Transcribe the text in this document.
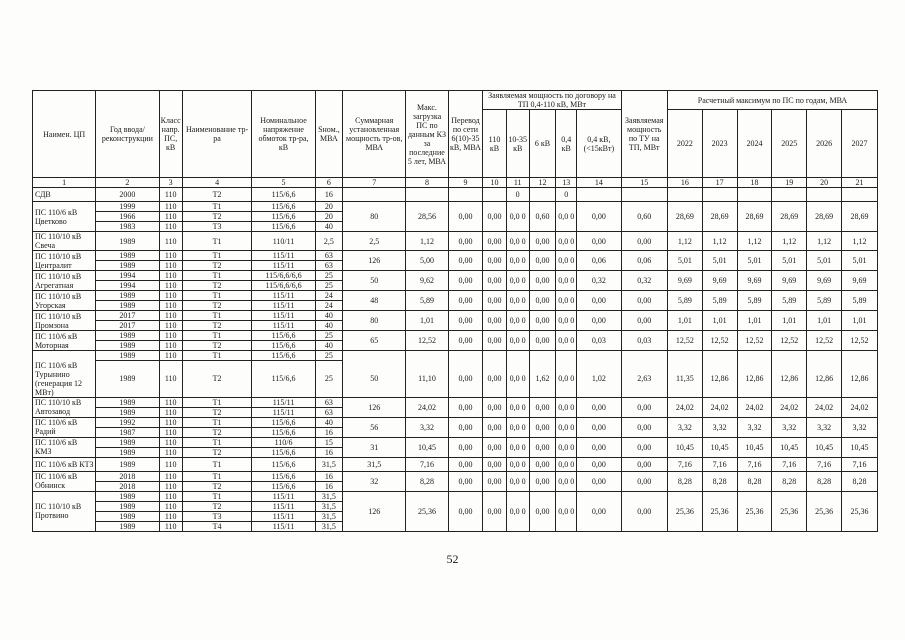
Наимен. ЦП	Год ввода/ реконструкции	Класс напр. ПС, кВ	Наименование тр-ра	Номинальное напряжение обмоток тр-ра, кВ	Sном., МВА	Суммарная установленная мощность тр-ов, МВА	Макс. загрузка ПС по данным КЗ за последние 5 лет, МВА	Перевод по сети 6(10)-35 кВ, МВА	Заявляемая мощность по договору на ТП 0,4-110 кВ, МВт					Заявляемая мощность по ТУ на ТП, МВт	Расчетный максимум по ПС по годам, МВА					
									110 кВ	10-35 кВ	6 кВ	0,4 кВ	0,4 кВ, (<15кВт)		2022	2023	2024	2025	2026	2027
1	2	3	4	5	6	7	8	9	10	11	12	13	14	15	16	17	18	19	20	21
СДВ	2000	110	Т2	115/6,6	16					0		0								
ПС 110/6 кВ Цветково	1999	110	Т1	115/6,6	20	80	28,56	0,00	0,00	0,0 0	0,60	0,0 0	0,00	0,60	28,69	28,69	28,69	28,69	28,69	28,69
	1966	110	Т2	115/6,6	20															
	1983	110	Т3	115/6,6	40															
ПС 110/10 кВ Свеча	1989	110	Т1	110/11	2,5	2,5	1,12	0,00	0,00	0,0 0	0,00	0,0 0	0,00	0,00	1,12	1,12	1,12	1,12	1,12	1,12
ПС 110/10 кВ Централит	1989	110	Т1	115/11	63	126	5,00	0,00	0,00	0,0 0	0,00	0,0 0	0,06	0,06	5,01	5,01	5,01	5,01	5,01	5,01
	1989	110	Т2	115/11	63															
ПС 110/10 кВ Агрегатная	1994	110	Т1	115/6,6/6,6	25	50	9,62	0,00	0,00	0,0 0	0,00	0,0 0	0,32	0,32	9,69	9,69	9,69	9,69	9,69	9,69
	1994	110	Т2	115/6,6/6,6	25															
ПС 110/10 кВ Угорская	1989	110	Т1	115/11	24	48	5,89	0,00	0,00	0,0 0	0,00	0,0 0	0,00	0,00	5,89	5,89	5,89	5,89	5,89	5,89
	1989	110	Т2	115/11	24															
ПС 110/10 кВ Промзона	2017	110	Т1	115/11	40	80	1,01	0,00	0,00	0,0 0	0,00	0,0 0	0,00	0,00	1,01	1,01	1,01	1,01	1,01	1,01
	2017	110	Т2	115/11	40															
ПС 110/6 кВ Моторная	1989	110	Т1	115/6,6	25	65	12,52	0,00	0,00	0,0 0	0,00	0,0 0	0,03	0,03	12,52	12,52	12,52	12,52	12,52	12,52
	1989	110	Т2	115/6,6	40															
	1989	110	Т1	115/6,6	25															
ПС 110/6 кВ Турынино (генерация 12 МВт)	1989	110	Т2	115/6,6	25	50	11,10	0,00	0,00	0,0 0	1,62	0,0 0	1,02	2,63	11,35	12,86	12,86	12,86	12,86	12,86
ПС 110/10 кВ Автозавод	1989	110	Т1	115/11	63	126	24,02	0,00	0,00	0,0 0	0,00	0,0 0	0,00	0,00	24,02	24,02	24,02	24,02	24,02	24,02
	1989	110	Т2	115/11	63															
ПС 110/6 кВ Радий	1992	110	Т1	115/6,6	40	56	3,32	0,00	0,00	0,0 0	0,00	0,0 0	0,00	0,00	3,32	3,32	3,32	3,32	3,32	3,32
	1987	110	Т2	115/6,6	16															
ПС 110/6 кВ КМЗ	1989	110	Т1	110/6	15	31	10,45	0,00	0,00	0,0 0	0,00	0,0 0	0,00	0,00	10,45	10,45	10,45	10,45	10,45	10,45
	1989	110	Т2	115/6,6	16															
ПС 110/6 кВ КТЗ	1989	110	Т1	115/6,6	31,5	31,5	7,16	0,00	0,00	0,0 0	0,00	0,0 0	0,00	0,00	7,16	7,16	7,16	7,16	7,16	7,16
ПС 110/6 кВ Обнинск	2018	110	Т1	115/6,6	16	32	8,28	0,00	0,00	0,0 0	0,00	0,0 0	0,00	0,00	8,28	8,28	8,28	8,28	8,28	8,28
	2018	110	Т2	115/6,6	16															
ПС 110/10 кВ Протвино	1989	110	Т1	115/11	31,5	126	25,36	0,00	0,00	0,0 0	0,00	0,0 0	0,00	0,00	25,36	25,36	25,36	25,36	25,36	25,36
	1989	110	Т2	115/11	31,5															
	1989	110	Т3	115/11	31,5															
	1989	110	Т4	115/11	31,5															
52
